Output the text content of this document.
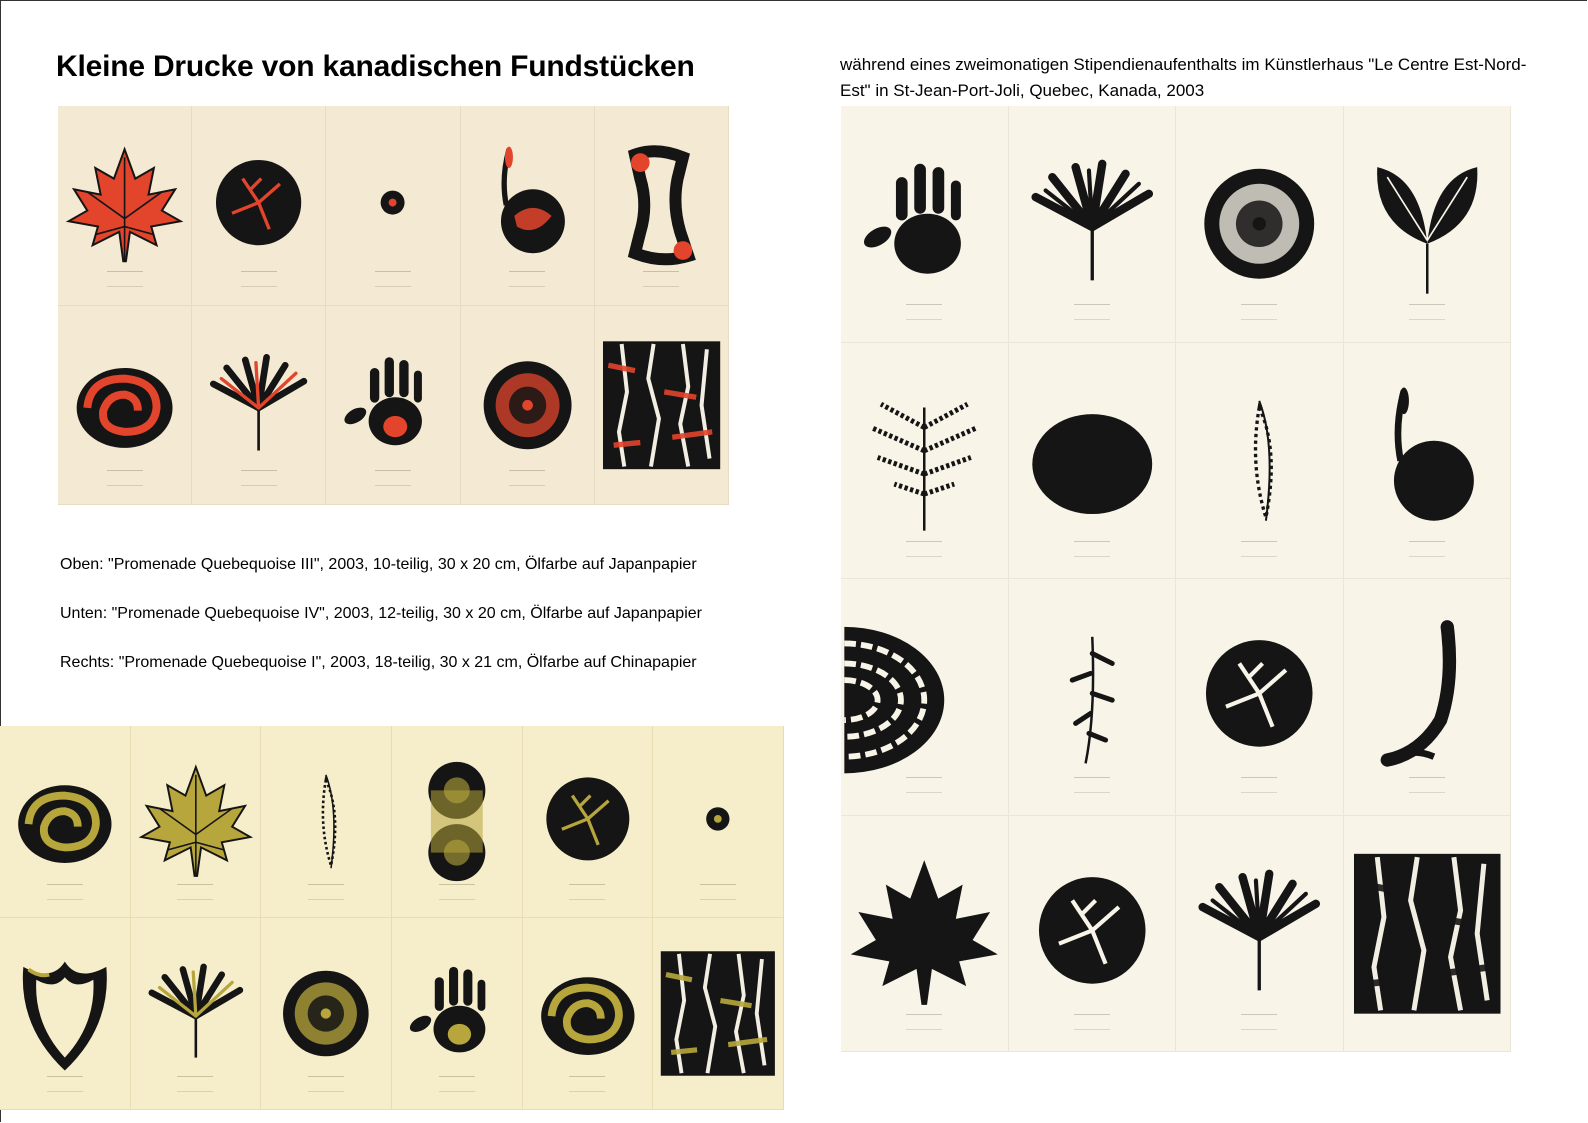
Kleine Drucke von kanadischen Fundstücken	während eines zweimonatigen Stipendienaufenthalts im Künstlerhaus "Le Centre Est-Nord-Est" in St-Jean-Port-Joli, Quebec, Kanada, 2003
Oben: "Promenade Quebequoise III", 2003, 10-teilig, 30 x 20 cm, Ölfarbe auf Japanpapier
Unten: "Promenade Quebequoise IV", 2003, 12-teilig, 30 x 20 cm, Ölfarbe auf Japanpapier
Rechts: "Promenade Quebequoise I", 2003, 18-teilig, 30 x 21 cm, Ölfarbe auf Chinapapier
